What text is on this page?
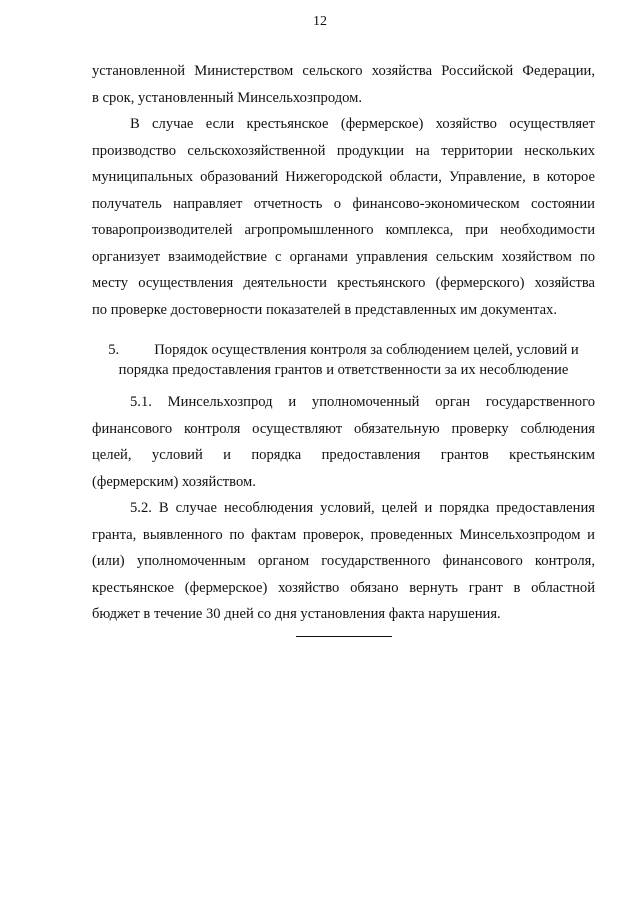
12
установленной Министерством сельского хозяйства Российской Федерации,
в срок, установленный Минсельхозпродом.
В случае если крестьянское (фермерское) хозяйство осуществляет
производство сельскохозяйственной продукции на территории нескольких
муниципальных образований Нижегородской области, Управление, в которое
получатель направляет отчетность о финансово-экономическом состоянии
товаропроизводителей агропромышленного комплекса, при необходимости
организует взаимодействие с органами управления сельским хозяйством по
месту осуществления деятельности крестьянского (фермерского) хозяйства
по проверке достоверности показателей в представленных им документах.
5. Порядок осуществления контроля за соблюдением целей, условий и
порядка предоставления грантов и ответственности за их несоблюдение
5.1. Минсельхозпрод и уполномоченный орган государственного
финансового контроля осуществляют обязательную проверку соблюдения
целей, условий и порядка предоставления грантов крестьянским
(фермерским) хозяйством.
5.2. В случае несоблюдения условий, целей и порядка предоставления
гранта, выявленного по фактам проверок, проведенных Минсельхозпродом и
(или) уполномоченным органом государственного финансового контроля,
крестьянское (фермерское) хозяйство обязано вернуть грант в областной
бюджет в течение 30 дней со дня установления факта нарушения.
